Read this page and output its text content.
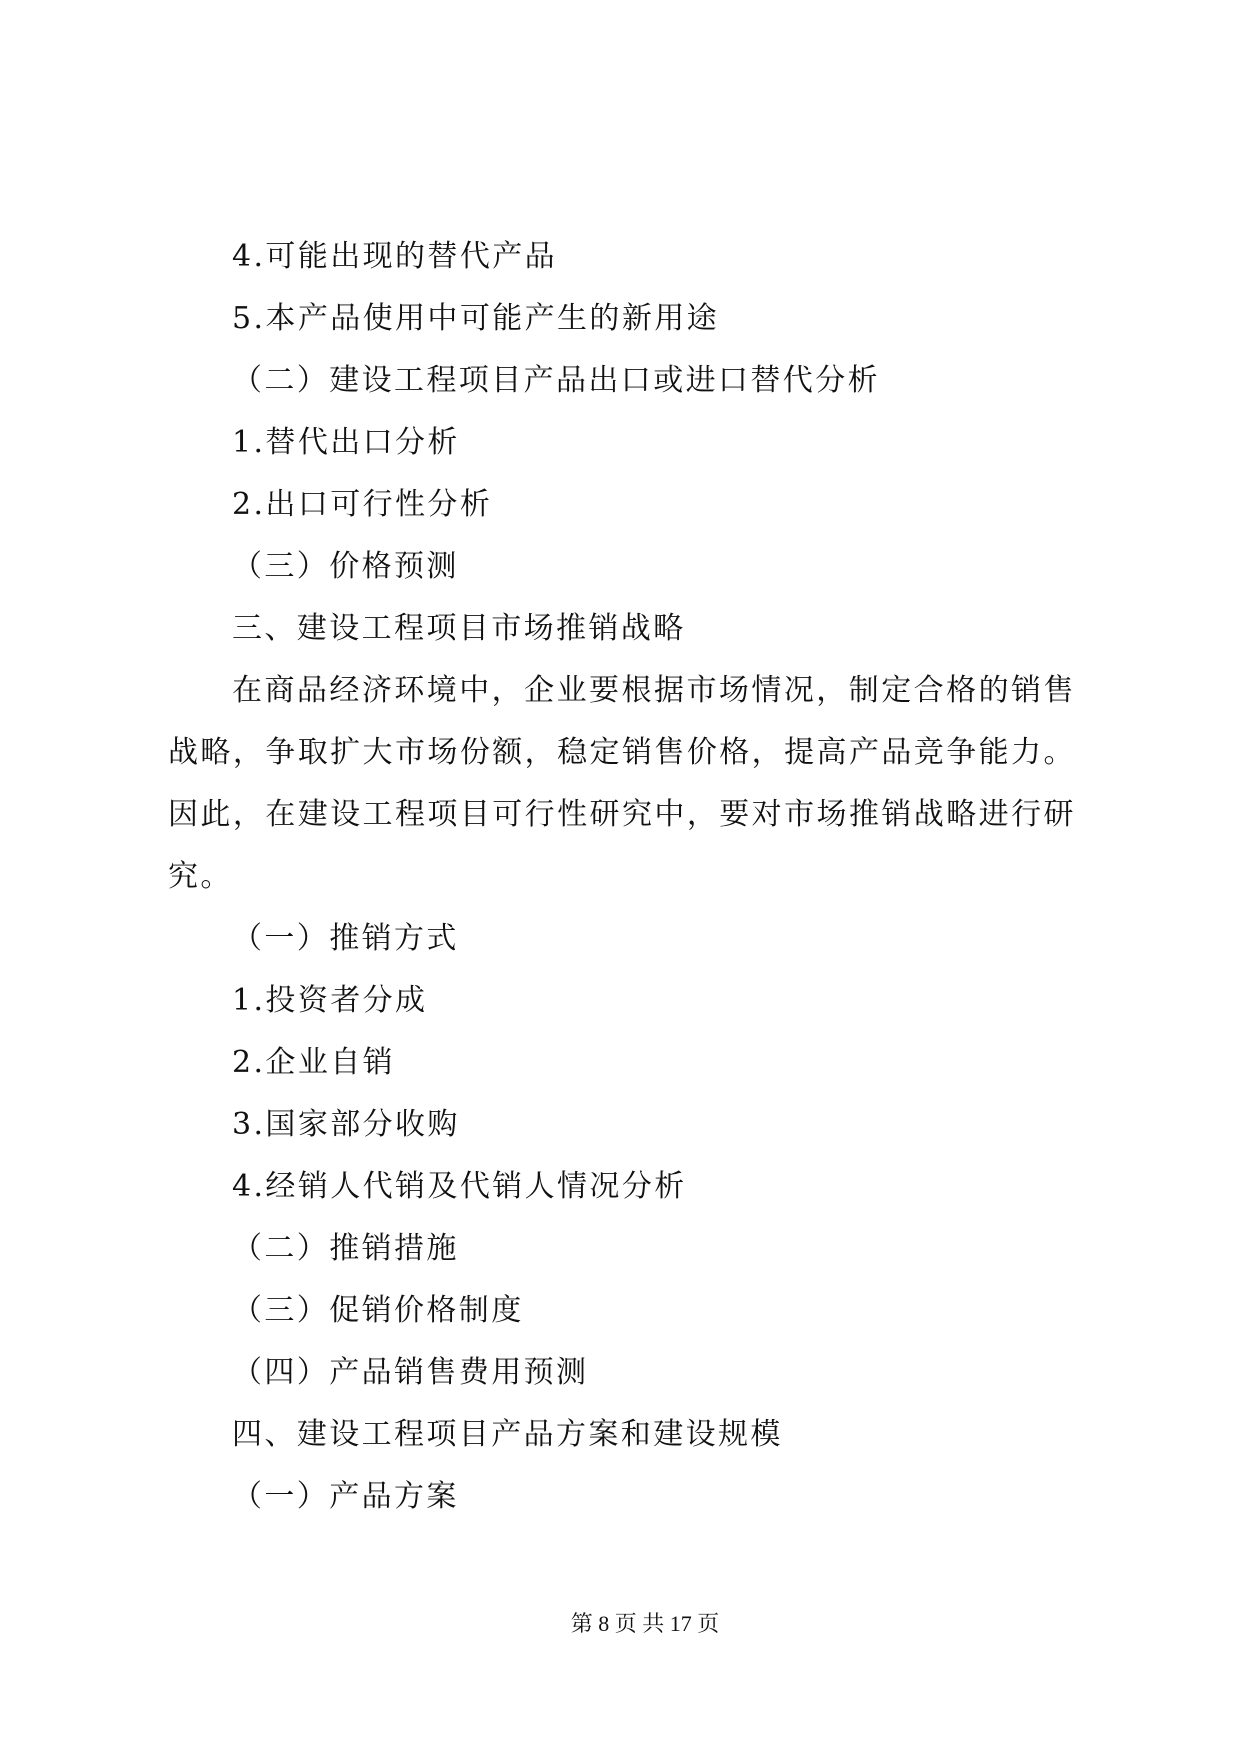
4.可能出现的替代产品
5.本产品使用中可能产生的新用途
（二）建设工程项目产品出口或进口替代分析
1.替代出口分析
2.出口可行性分析
（三）价格预测
三、建设工程项目市场推销战略
在商品经济环境中，企业要根据市场情况，制定合格的销售
战略，争取扩大市场份额，稳定销售价格，提高产品竞争能力。
因此，在建设工程项目可行性研究中，要对市场推销战略进行研
究。
（一）推销方式
1.投资者分成
2.企业自销
3.国家部分收购
4.经销人代销及代销人情况分析
（二）推销措施
（三）促销价格制度
（四）产品销售费用预测
四、建设工程项目产品方案和建设规模
（一）产品方案
第 8 页 共 17 页
